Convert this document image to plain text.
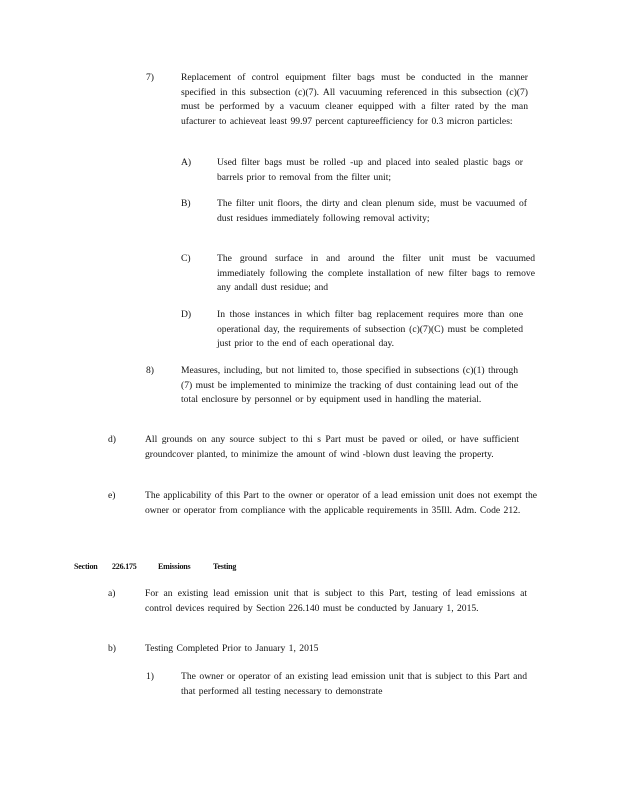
7)	Replacement of control equipment filter bags must be conducted in the manner specified in this subsection (c)(7). All vacuuming referenced in this subsection (c)(7) must be performed by a vacuum cleaner equipped with a filter rated by the man ufacturer to achieveat least 99.97 percent captureefficiency for 0.3 micron particles:
A)	Used filter bags must be rolled -up and placed into sealed plastic bags or barrels prior to removal from the filter unit;
B)	The filter unit floors, the dirty and clean plenum side, must be vacuumed of dust residues immediately following removal activity;
C)	The ground surface in and around the filter unit must be vacuumed immediately following the complete installation of new filter bags to remove any andall dust residue; and
D)	In those instances in which filter bag replacement requires more than one operational day, the requirements of subsection (c)(7)(C) must be completed just prior to the end of each operational day.
8)	Measures, including, but not limited to, those specified in subsections (c)(1) through (7) must be implemented to minimize the tracking of dust containing lead out of the total enclosure by personnel or by equipment used in handling the material.
d)	All grounds on any source subject to thi s Part must be paved or oiled, or have sufficient groundcover planted, to minimize the amount of wind -blown dust leaving the property.
e)	The applicability of this Part to the owner or operator of a lead emission unit does not exempt the owner or operator from compliance with the applicable requirements in 35Ill. Adm. Code 212.
Section 226.175	Emissions	Testing
a)	For an existing lead emission unit that is subject to this Part, testing of lead emissions at control devices required by Section 226.140 must be conducted by January 1, 2015.
b)	Testing Completed Prior to January 1, 2015
1)	The owner or operator of an existing lead emission unit that is subject to this Part and that performed all testing necessary to demonstrate
